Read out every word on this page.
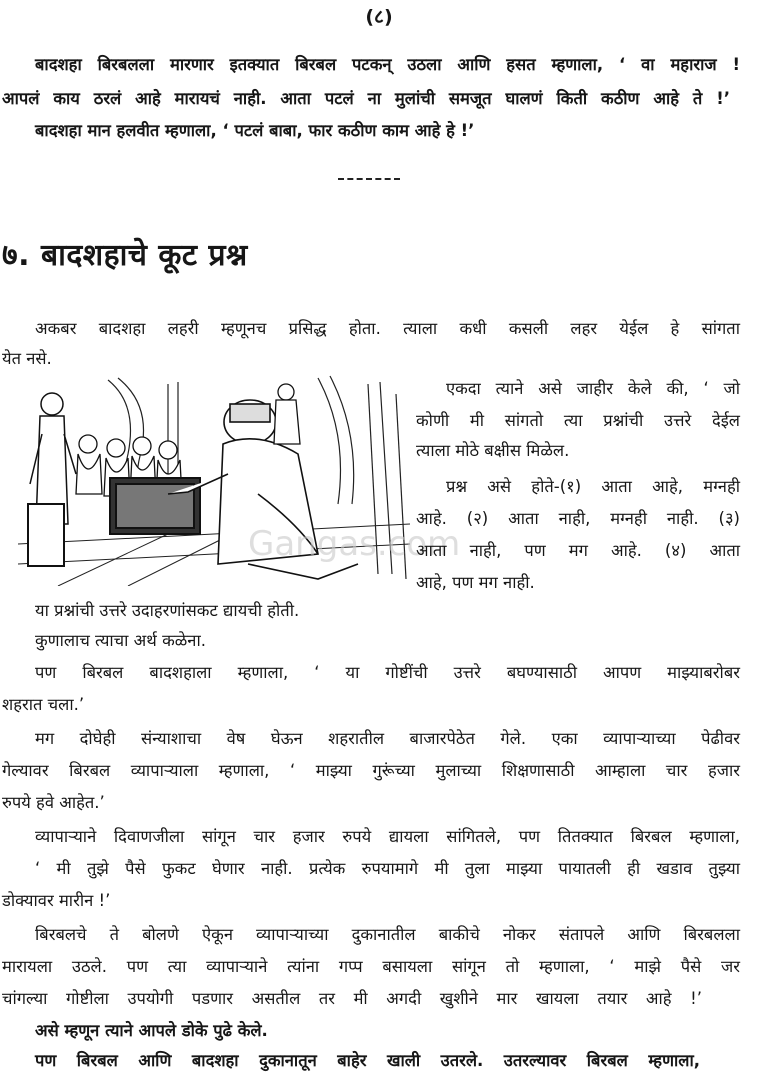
(८)

बादशहा बिरबलला मारणार इतक्यात बिरबल पटकन् उठला आणि हसत म्हणाला, ‘ वा महाराज !

आपलं काय ठरलं आहे मारायचं नाही. आता पटलं ना मुलांची समजूत घालणं किती कठीण आहे ते !’

बादशहा मान हलवीत म्हणाला, ‘ पटलं बाबा, फार कठीण काम आहे हे !’

७. बादशहाचे कूट प्रश्न

अकबर बादशहा लहरी म्हणूनच प्रसिद्ध होता. त्याला कधी कसली लहर येईल हे सांगता

येत नसे.

Gangas.com

एकदा त्याने असे जाहीर केले की, ‘ जो

कोणी मी सांगतो त्या प्रश्नांची उत्तरे देईल

त्याला मोठे बक्षीस मिळेल.

प्रश्न असे होते-(१) आता आहे, मग्नही

आहे. (२) आता नाही, मग्नही नाही. (३)

आता नाही, पण मग आहे. (४) आता

आहे, पण मग नाही.

या प्रश्नांची उत्तरे उदाहरणांसकट द्यायची होती.

कुणालाच त्याचा अर्थ कळेना.

पण बिरबल बादशहाला म्हणाला, ‘ या गोष्टींची उत्तरे बघण्यासाठी आपण माझ्याबरोबर

शहरात चला.’

मग दोघेही संन्याशाचा वेष घेऊन शहरातील बाजारपेठेत गेले. एका व्यापाऱ्याच्या पेढीवर

गेल्यावर बिरबल व्यापाऱ्याला म्हणाला, ‘ माझ्या गुरूंच्या मुलाच्या शिक्षणासाठी आम्हाला चार हजार

रुपये हवे आहेत.’

व्यापाऱ्याने दिवाणजीला सांगून चार हजार रुपये द्यायला सांगितले, पण तितक्यात बिरबल म्हणाला,

‘ मी तुझे पैसे फुकट घेणार नाही. प्रत्येक रुपयामागे मी तुला माझ्या पायातली ही खडाव तुझ्या

डोक्यावर मारीन !’

बिरबलचे ते बोलणे ऐकून व्यापाऱ्याच्या दुकानातील बाकीचे नोकर संतापले आणि बिरबलला

मारायला उठले. पण त्या व्यापाऱ्याने त्यांना गप्प बसायला सांगून तो म्हणाला, ‘ माझे पैसे जर

चांगल्या गोष्टीला उपयोगी पडणार असतील तर मी अगदी खुशीने मार खायला तयार आहे !’

असे म्हणून त्याने आपले डोके पुढे केले.

पण बिरबल आणि बादशहा दुकानातून बाहेर खाली उतरले. उतरल्यावर बिरबल म्हणाला,
